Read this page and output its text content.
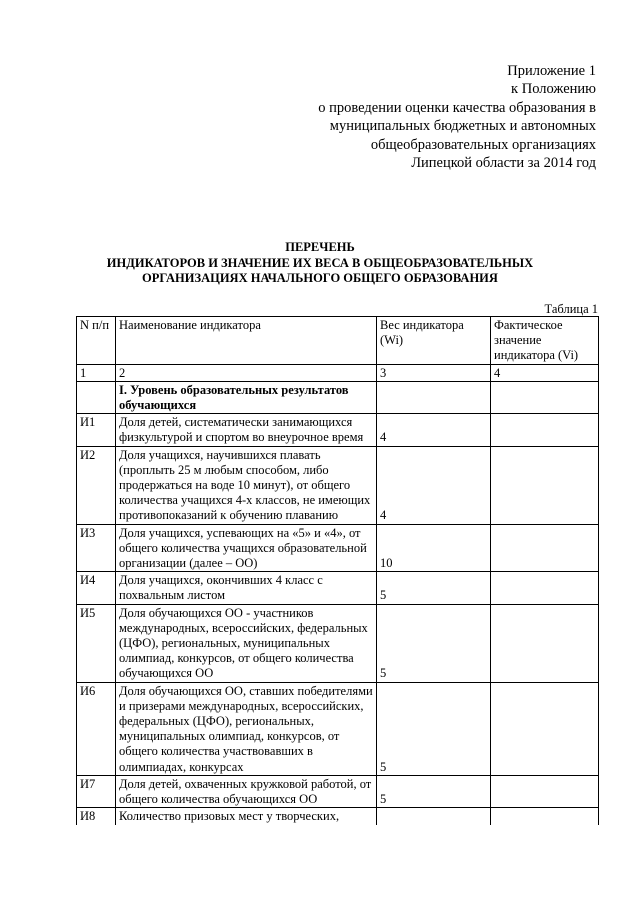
Приложение 1
к Положению
о проведении оценки качества образования в
муниципальных бюджетных и автономных
общеобразовательных организациях
Липецкой области за 2014 год
ПЕРЕЧЕНЬ
ИНДИКАТОРОВ И ЗНАЧЕНИЕ ИХ ВЕСА В ОБЩЕОБРАЗОВАТЕЛЬНЫХ
ОРГАНИЗАЦИЯХ НАЧАЛЬНОГО ОБЩЕГО ОБРАЗОВАНИЯ
Таблица 1
N п/п	Наименование индикатора	Вес индикатора (Wi)	Фактическое значение индикатора (Vi)
1	2	3	4
	I. Уровень образовательных результатов обучающихся		
И1	Доля детей, систематически занимающихся физкультурой и спортом во внеурочное время	4	
И2	Доля учащихся, научившихся плавать (проплыть 25 м любым способом, либо продержаться на воде 10 минут), от общего количества учащихся 4-х классов, не имеющих противопоказаний к обучению плаванию	4	
И3	Доля учащихся, успевающих на «5» и «4», от общего количества учащихся образовательной организации (далее – ОО)	10	
И4	Доля учащихся, окончивших 4 класс с похвальным листом	5	
И5	Доля обучающихся ОО - участников международных, всероссийских, федеральных (ЦФО), региональных, муниципальных олимпиад, конкурсов, от общего количества обучающихся ОО	5	
И6	Доля обучающихся ОО, ставших победителями и призерами международных, всероссийских, федеральных (ЦФО), региональных, муниципальных олимпиад, конкурсов, от общего количества участвовавших в олимпиадах, конкурсах	5	
И7	Доля детей, охваченных кружковой работой, от общего количества обучающихся ОО	5	
И8	Количество призовых мест у творческих,		
